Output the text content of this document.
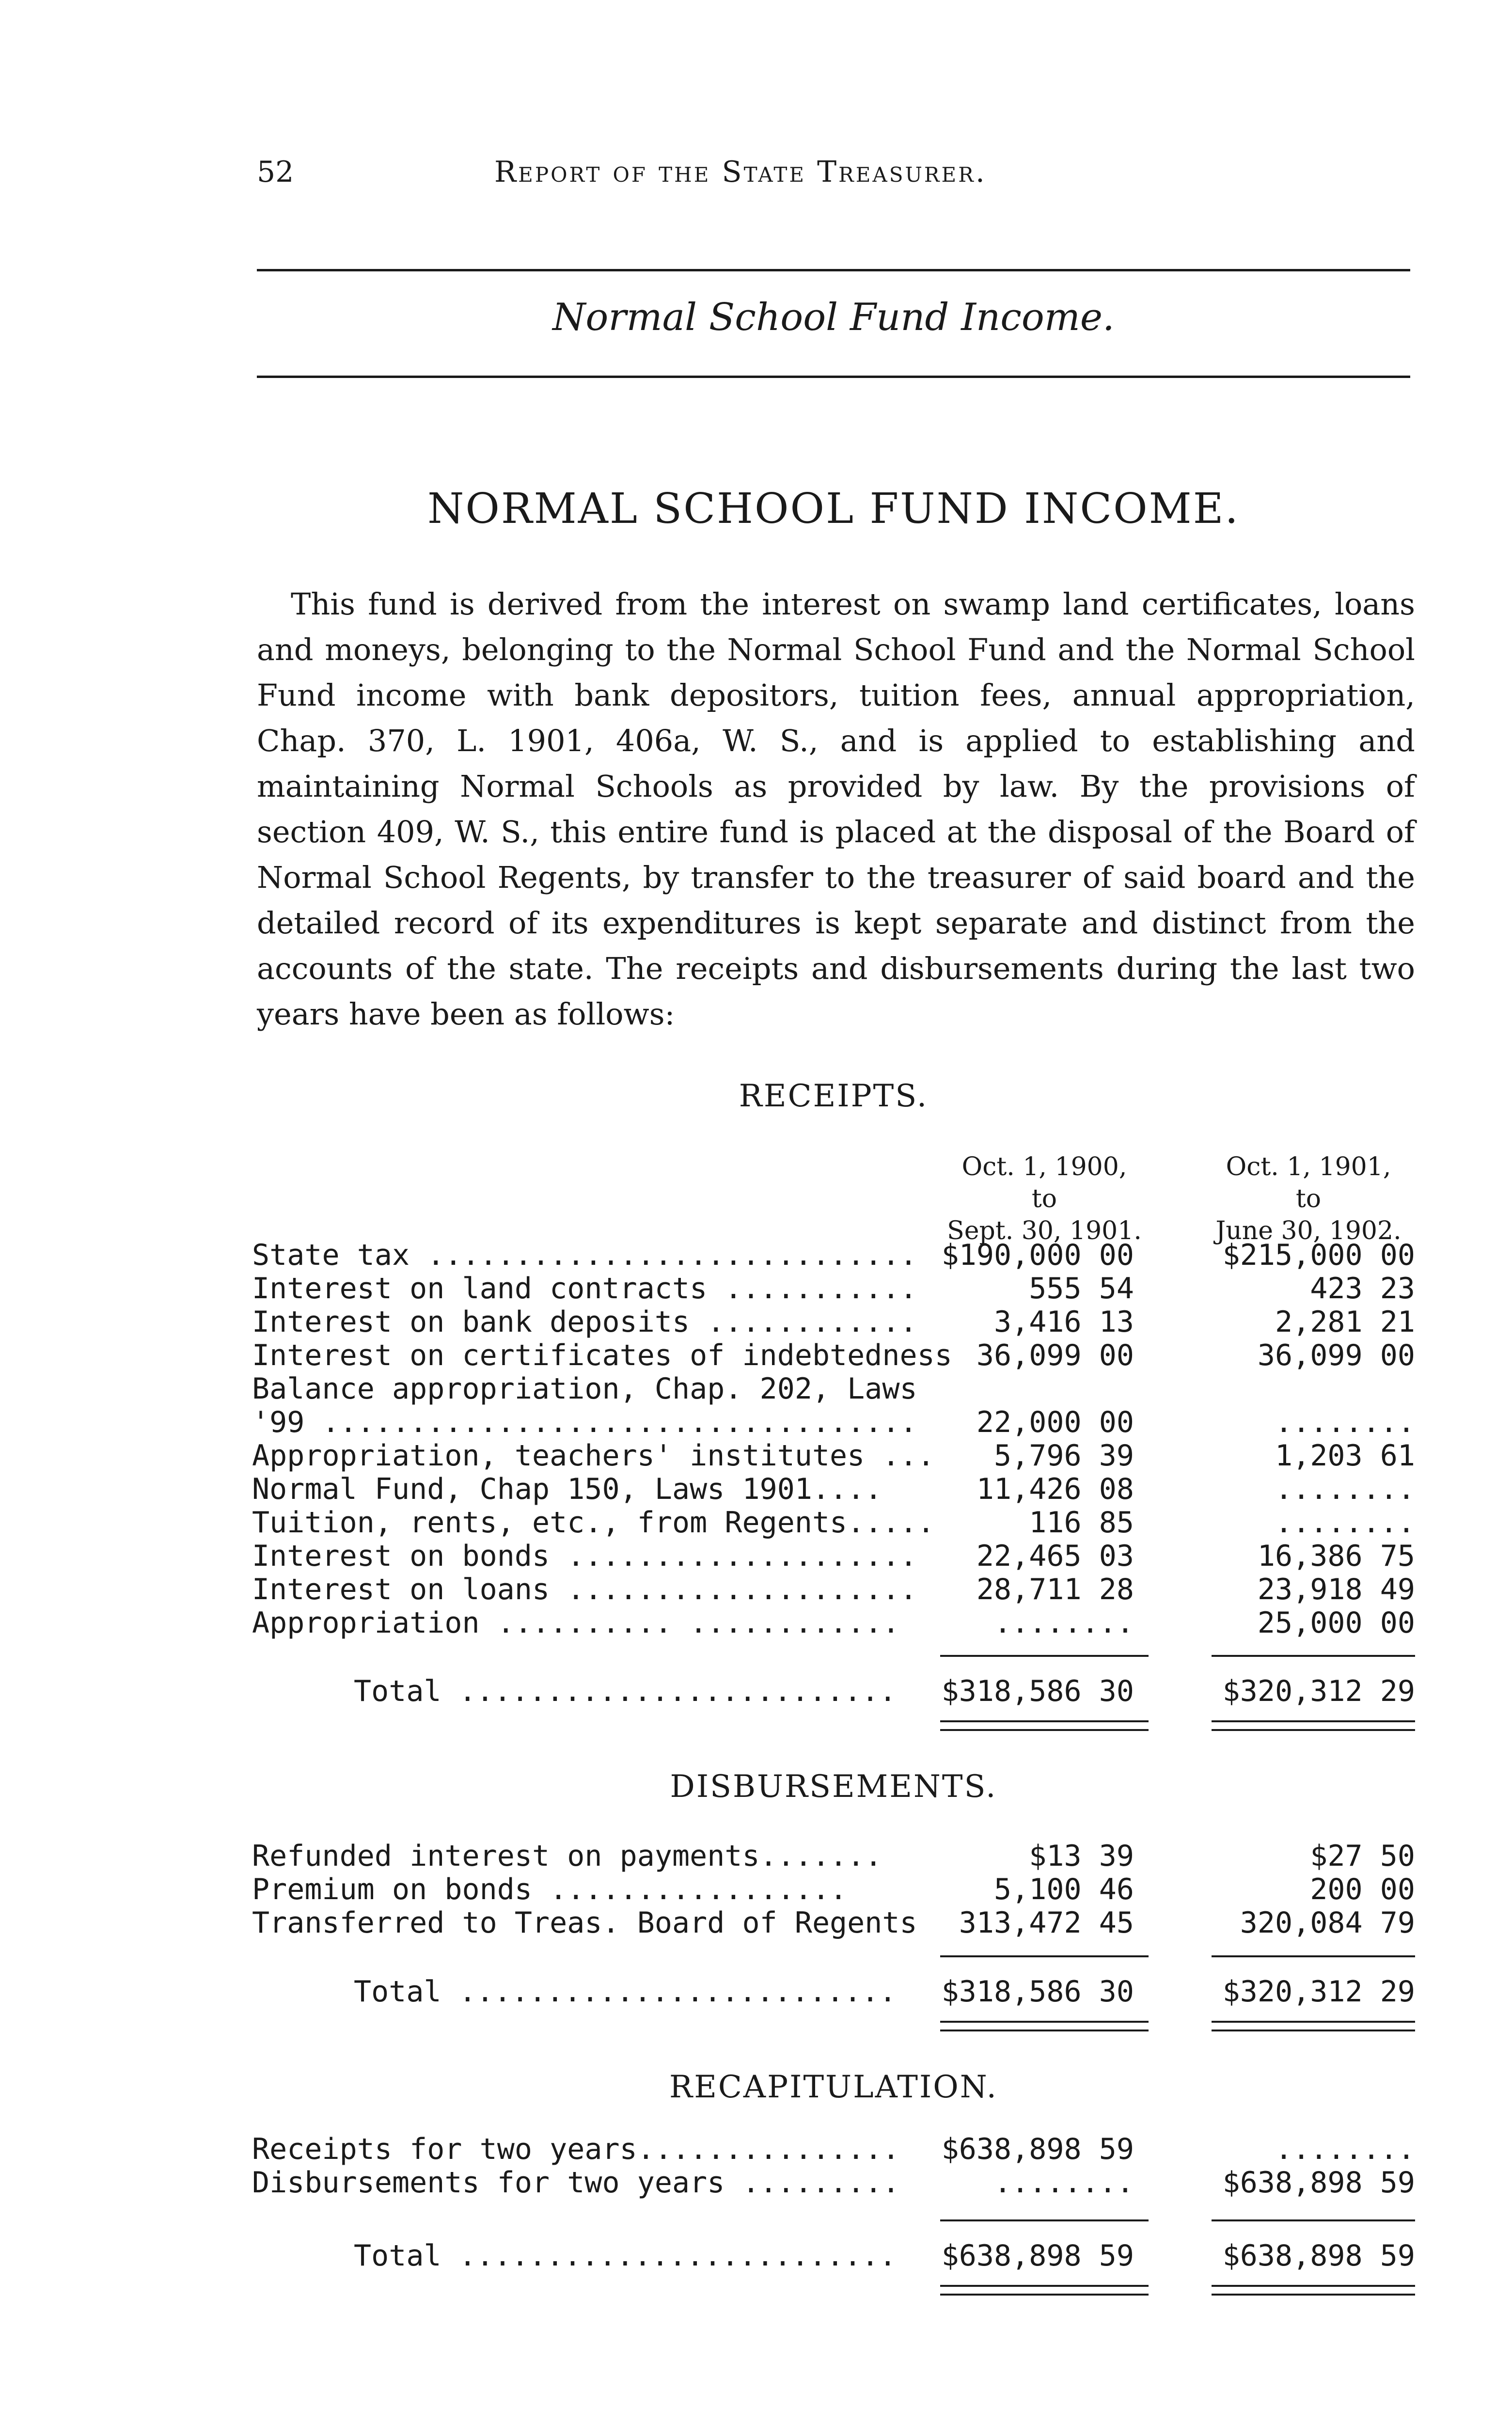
52	Report of the State Treasurer.
Normal School Fund Income.
NORMAL SCHOOL FUND INCOME.

This fund is derived from the interest on swamp land certificates, loans and moneys, belonging to the Normal School Fund and the Normal School Fund income with bank depositors, tuition fees, annual appropriation, Chap. 370, L. 1901, 406a, W. S., and is applied to establishing and maintaining Normal Schools as provided by law. By the provisions of section 409, W. S., this entire fund is placed at the disposal of the Board of Normal School Regents, by transfer to the treasurer of said board and the detailed record of its expenditures is kept separate and distinct from the accounts of the state. The receipts and disbursements during the last two years have been as follows:

RECEIPTS.
Oct. 1, 1900,
to
Sept. 30, 1901.
Oct. 1, 1901,
to
June 30, 1902.
State tax ............................ $190,000 00	$215,000 00
Interest on land contracts ...........	555 54	423 23
Interest on bank deposits ............	3,416 13	2,281 21
Interest on certificates of indebtedness 36,099 00	36,099 00
Balance appropriation, Chap. 202, Laws
'99 .................................. 22,000 00	........
Appropriation, teachers' institutes ... 5,796 39	1,203 61
Normal Fund, Chap 150, Laws 1901....	11,426 08	........
Tuition, rents, etc., from Regents.....	116 85	........
Interest on bonds .................... 22,465 03	16,386 75
Interest on loans .................... 28,711 28	23,918 49
Appropriation .......... ............	........	25,000 00
Total ......................... $318,586 30	$320,312 29
Refunded interest on payments.......	$13 39	$27 50
Premium on bonds .................	5,100 46	200 00
Transferred to Treas. Board of Regents 313,472 45	320,084 79
Total ......................... $318,586 30	$320,312 29
Receipts for two years............... $638,898 59	........
Disbursements for two years .........	........	$638,898 59
Total ......................... $638,898 59	$638,898 59
DISBURSEMENTS.
RECAPITULATION.
